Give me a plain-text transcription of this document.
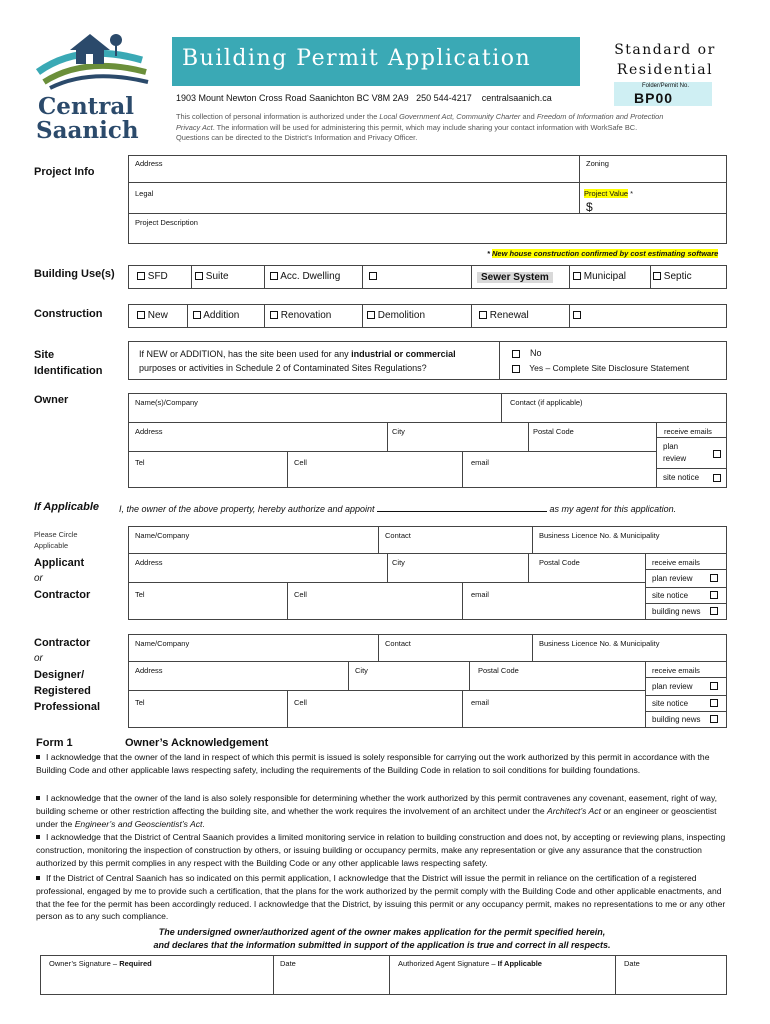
Central
Saanich
Building Permit Application	Standard or
Residential
Folder/Permit No.
BP00
1903 Mount Newton Cross Road Saanichton BC V8M 2A9 250 544-4217 centralsaanich.ca
This collection of personal information is authorized under the Local Government Act, Community Charter and Freedom of Information and Protection
Privacy Act. The information will be used for administering this permit, which may include sharing your contact information with WorkSafe BC.
Questions can be directed to the District’s Information and Privacy Officer.
Project Info
Address	Zoning
Legal	Project Value *
$
Project Description
* New house construction confirmed by cost estimating software
Building Use(s)	SFD	Suite	Acc. Dwelling	Sewer System	Municipal	Septic
Construction	New	Addition	Renovation	Demolition	Renewal
Site
Identification
If NEW or ADDITION, has the site been used for any industrial or commercial
purposes or activities in Schedule 2 of Contaminated Sites Regulations?
No
Yes – Complete Site Disclosure Statement
Owner	Name(s)/Company	Contact (if applicable)
Address	City	Postal Code	receive emails
plan
review
site notice
Tel	Cell	email
If Applicable I, the owner of the above property, hereby authorize and appoint	as my agent for this application.
Please Circle
Applicable
Applicant
or
Contractor
Name/Company	Contact	Business Licence No. & Municipality
Address	City	Postal Code	receive emails
plan review
site notice
building news
Tel	Cell	email
Contractor
or
Designer/
Registered
Professional
Name/Company	Contact	Business Licence No. & Municipality
Address	City	Postal Code	receive emails
plan review
site notice
building news
Tel	Cell	email
Form 1	Owner’s Acknowledgement
I acknowledge that the owner of the land in respect of which this permit is issued is solely responsible for carrying out the work authorized by this permit in accordance with the Building Code and other applicable laws respecting safety, including the requirements of the Building Code in relation to soil conditions for building foundations.
I acknowledge that the owner of the land is also solely responsible for determining whether the work authorized by this permit contravenes any covenant, easement, right of way, building scheme or other restriction affecting the building site, and whether the work requires the involvement of an architect under the Architect’s Act or an engineer or geoscientist under the Engineer’s and Geoscientist’s Act.
I acknowledge that the District of Central Saanich provides a limited monitoring service in relation to building construction and does not, by accepting or reviewing plans, inspecting construction, monitoring the inspection of construction by others, or issuing building or occupancy permits, make any representation or give any assurance that the construction authorized by this permit complies in any respect with the Building Code or any other applicable laws respecting safety.
If the District of Central Saanich has so indicated on this permit application, I acknowledge that the District will issue the permit in reliance on the certification of a registered professional, engaged by me to provide such a certification, that the plans for the work authorized by the permit comply with the Building Code and other applicable enactments, and that the fee for the permit has been accordingly reduced. I acknowledge that the District, by issuing this permit or any occupancy permit, makes no representations to me or any other person as to any such compliance.
The undersigned owner/authorized agent of the owner makes application for the permit specified herein,
and declares that the information submitted in support of the application is true and correct in all respects.
Owner’s Signature – Required	Date	Authorized Agent Signature – If Applicable	Date
